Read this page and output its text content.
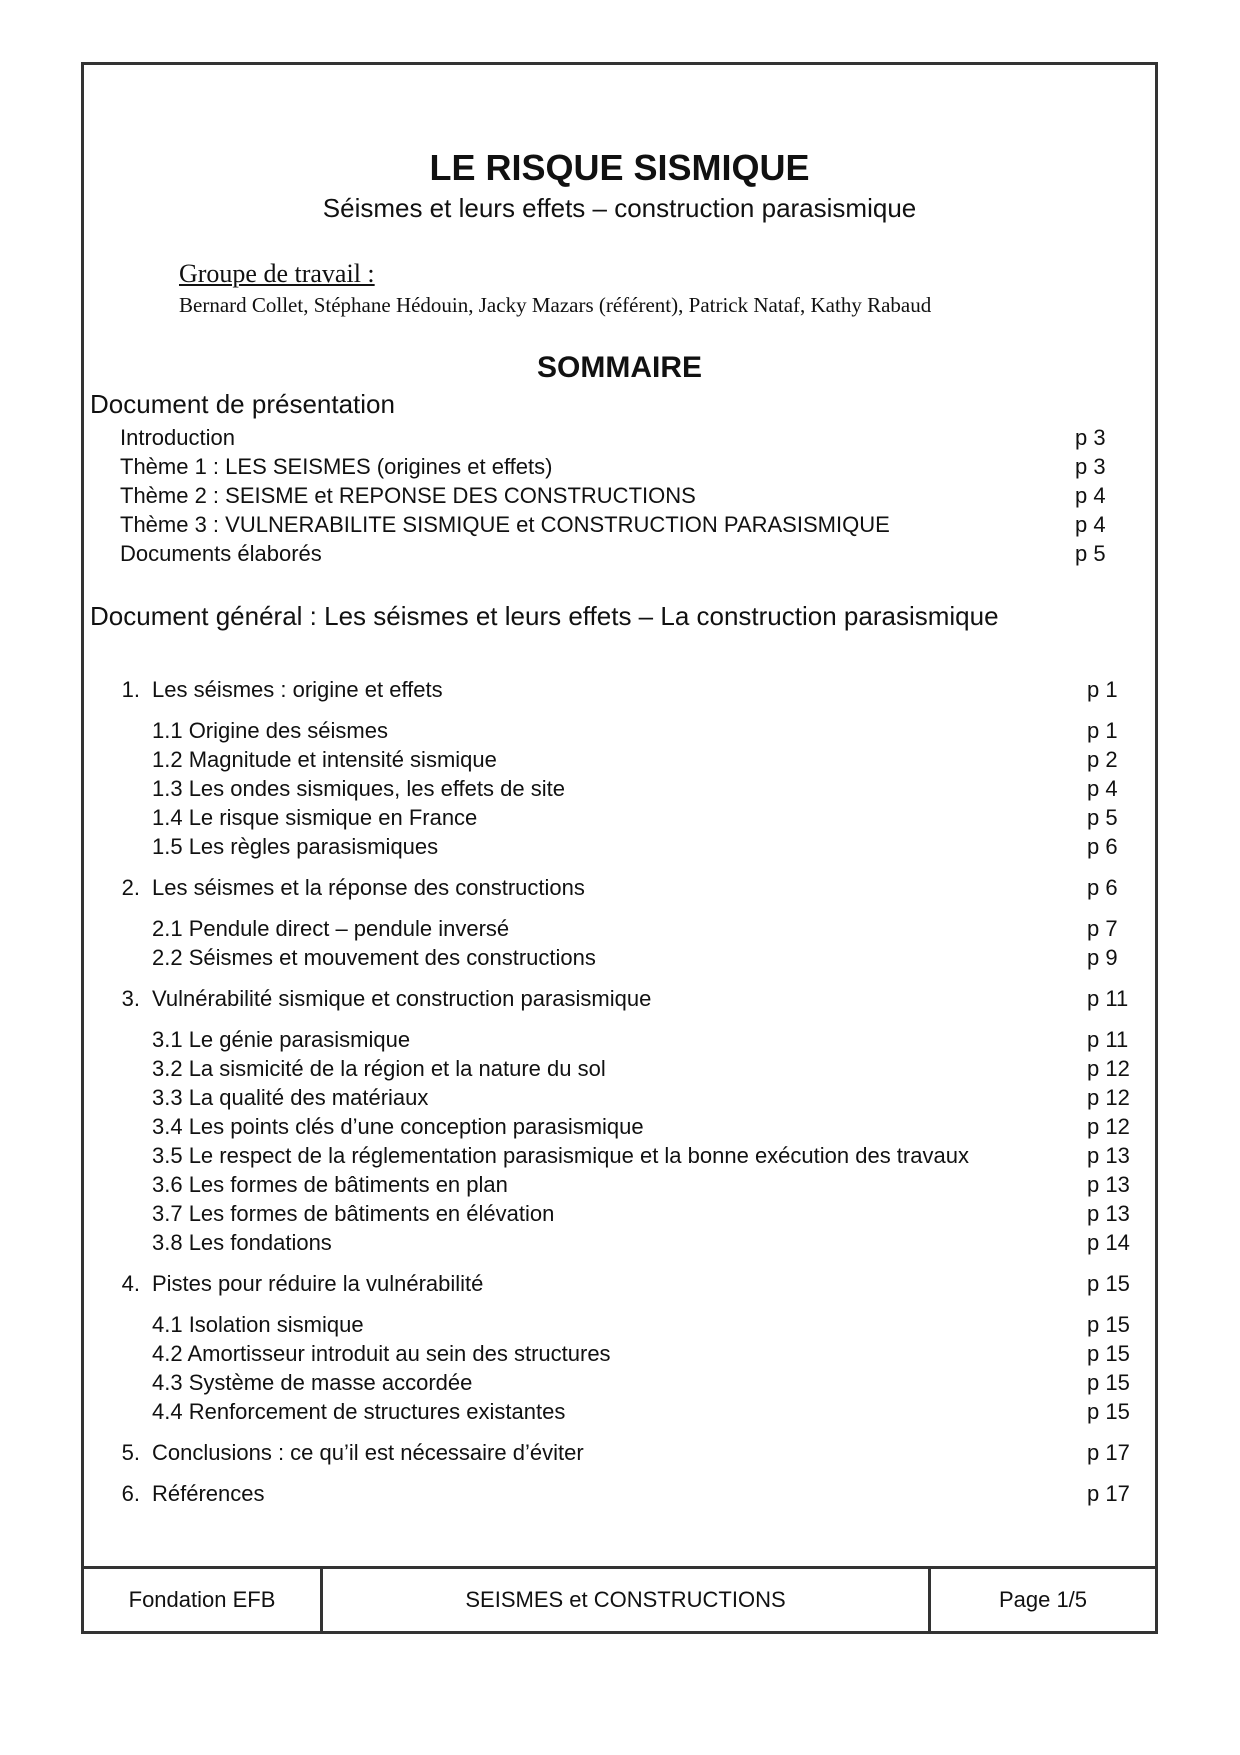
LE RISQUE SISMIQUE
Séismes et leurs effets – construction parasismique
Groupe de travail :
Bernard Collet, Stéphane Hédouin, Jacky Mazars (référent), Patrick Nataf, Kathy Rabaud
SOMMAIRE
Document de présentation
Introduction	p 3
Thème 1 : LES SEISMES (origines et effets)	p 3
Thème 2 : SEISME et REPONSE DES CONSTRUCTIONS	p 4
Thème 3 : VULNERABILITE SISMIQUE et CONSTRUCTION PARASISMIQUE	p 4
Documents élaborés	p 5
Document général : Les séismes et leurs effets – La construction parasismique
1. Les séismes : origine et effets	p 1
1.1 Origine des séismes	p 1
1.2 Magnitude et intensité sismique	p 2
1.3 Les ondes sismiques, les effets de site	p 4
1.4 Le risque sismique en France	p 5
1.5 Les règles parasismiques	p 6
2. Les séismes et la réponse des constructions	p 6
2.1 Pendule direct – pendule inversé	p 7
2.2 Séismes et mouvement des constructions	p 9
3. Vulnérabilité sismique et construction parasismique	p 11
3.1 Le génie parasismique	p 11
3.2 La sismicité de la région et la nature du sol	p 12
3.3 La qualité des matériaux	p 12
3.4 Les points clés d’une conception parasismique	p 12
3.5 Le respect de la réglementation parasismique et la bonne exécution des travaux	p 13
3.6 Les formes de bâtiments en plan	p 13
3.7 Les formes de bâtiments en élévation	p 13
3.8 Les fondations	p 14
4. Pistes pour réduire la vulnérabilité	p 15
4.1 Isolation sismique	p 15
4.2 Amortisseur introduit au sein des structures	p 15
4.3 Système de masse accordée	p 15
4.4 Renforcement de structures existantes	p 15
5. Conclusions : ce qu’il est nécessaire d’éviter	p 17
6. Références	p 17
Fondation EFB	SEISMES et CONSTRUCTIONS	Page 1/5
